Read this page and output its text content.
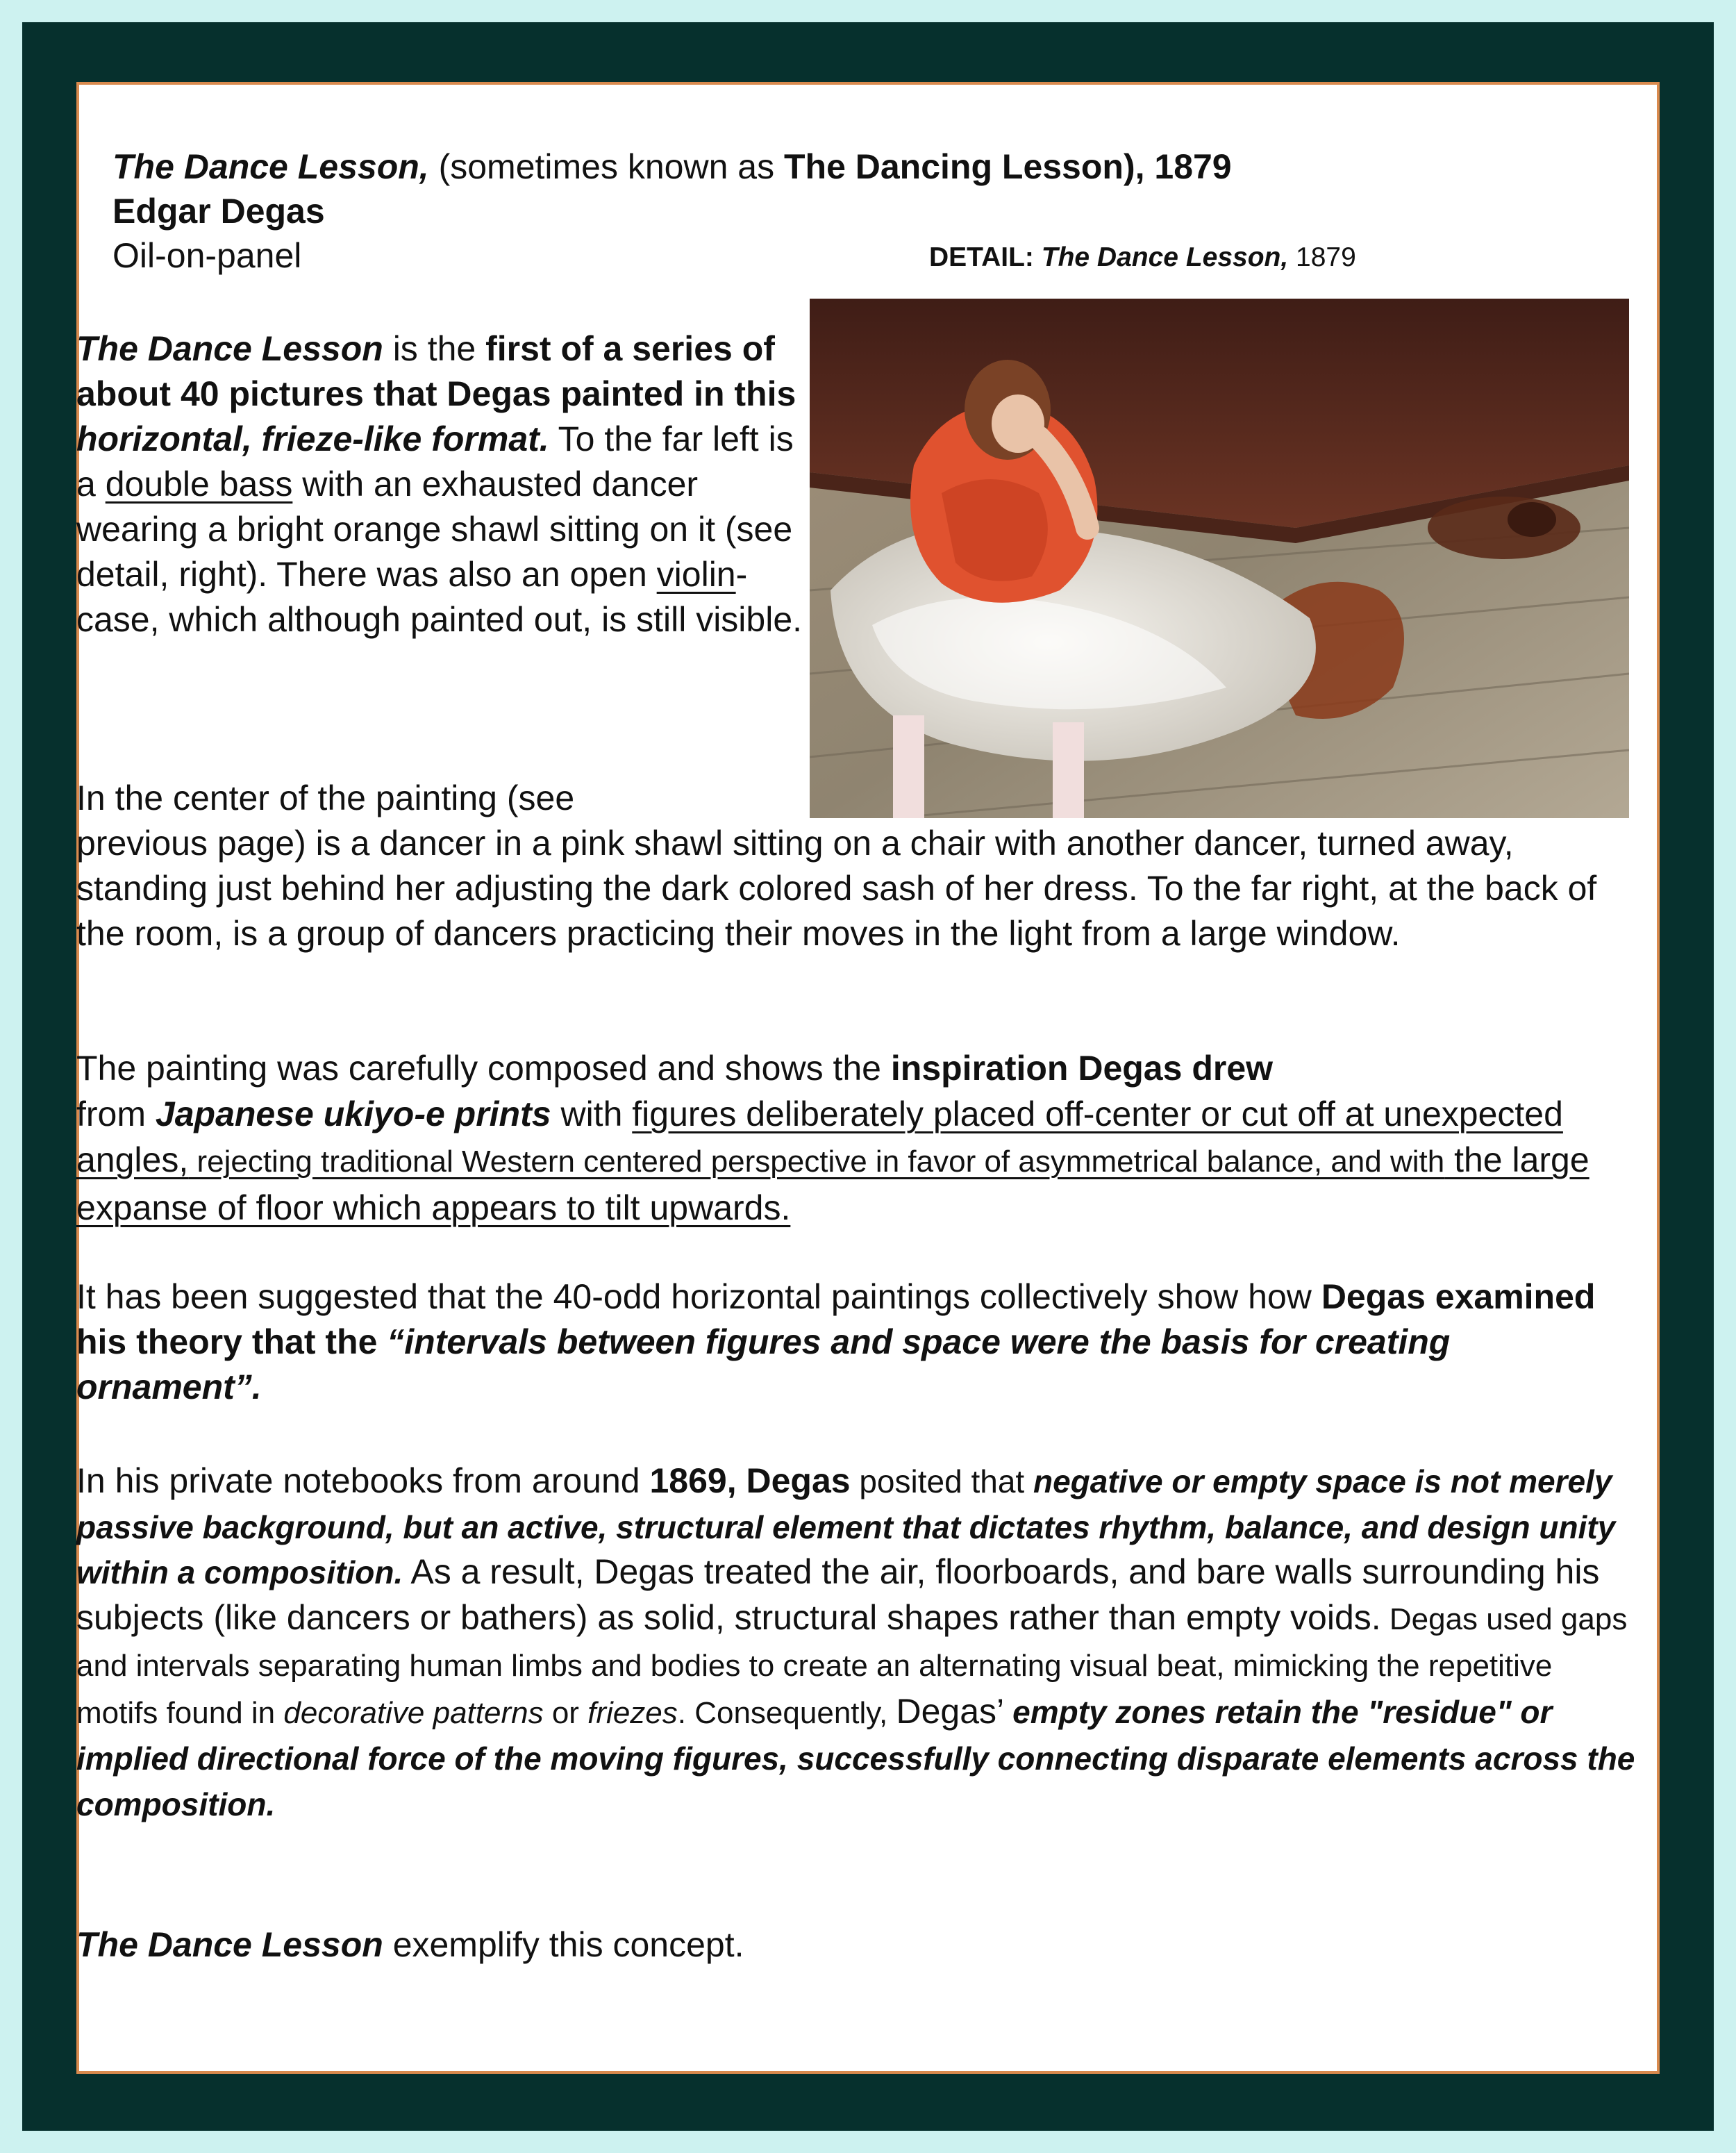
The Dance Lesson, (sometimes known as The Dancing Lesson), 1879
Edgar Degas
Oil-on-panel	DETAIL: The Dance Lesson, 1879

The Dance Lesson is the first of a series of about 40 pictures that Degas painted in this horizontal, frieze-like format. To the far left is a double bass with an exhausted dancer wearing a bright orange shawl sitting on it (see detail, right). There was also an open violin-case, which although painted out, is still visible.

In the center of the painting (see

previous page) is a dancer in a pink shawl sitting on a chair with another dancer, turned away, standing just behind her adjusting the dark colored sash of her dress. To the far right, at the back of the room, is a group of dancers practicing their moves in the light from a large window.

The painting was carefully composed and shows the inspiration Degas drew
from Japanese ukiyo-e prints with figures deliberately placed off-center or cut off at unexpected angles, rejecting traditional Western centered perspective in favor of asymmetrical balance, and with the large expanse of floor which appears to tilt upwards.

It has been suggested that the 40-odd horizontal paintings collectively show how Degas examined his theory that the “intervals between figures and space were the basis for creating ornament”.

In his private notebooks from around 1869, Degas posited that negative or empty space is not merely passive background, but an active, structural element that dictates rhythm, balance, and design unity within a composition. As a result, Degas treated the air, floorboards, and bare walls surrounding his subjects (like dancers or bathers) as solid, structural shapes rather than empty voids. Degas used gaps and intervals separating human limbs and bodies to create an alternating visual beat, mimicking the repetitive motifs found in decorative patterns or friezes. Consequently, Degas’ empty zones retain the "residue" or implied directional force of the moving figures, successfully connecting disparate elements across the composition.

The Dance Lesson exemplify this concept.
